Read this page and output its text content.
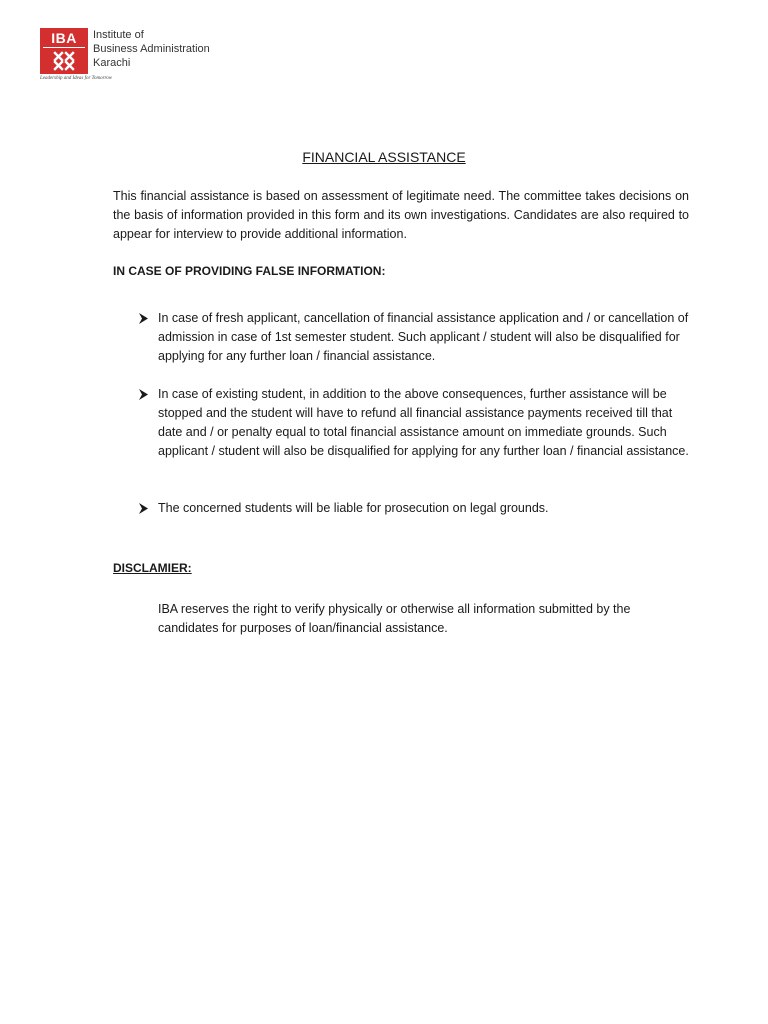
IBA	Institute of
Business Administration
Karachi
Leadership and Ideas for Tomorrow
FINANCIAL ASSISTANCE

This financial assistance is based on assessment of legitimate need. The committee takes decisions on the basis of information provided in this form and its own investigations. Candidates are also required to appear for interview to provide additional information.

IN CASE OF PROVIDING FALSE INFORMATION:

In case of fresh applicant, cancellation of financial assistance application and / or cancellation of admission in case of 1st semester student. Such applicant / student will also be disqualified for applying for any further loan / financial assistance.

In case of existing student, in addition to the above consequences, further assistance will be stopped and the student will have to refund all financial assistance payments received till that date and / or penalty equal to total financial assistance amount on immediate grounds. Such applicant / student will also be disqualified for applying for any further loan / financial assistance.

The concerned students will be liable for prosecution on legal grounds.

DISCLAMIER:

IBA reserves the right to verify physically or otherwise all information submitted by the candidates for purposes of loan/financial assistance.
